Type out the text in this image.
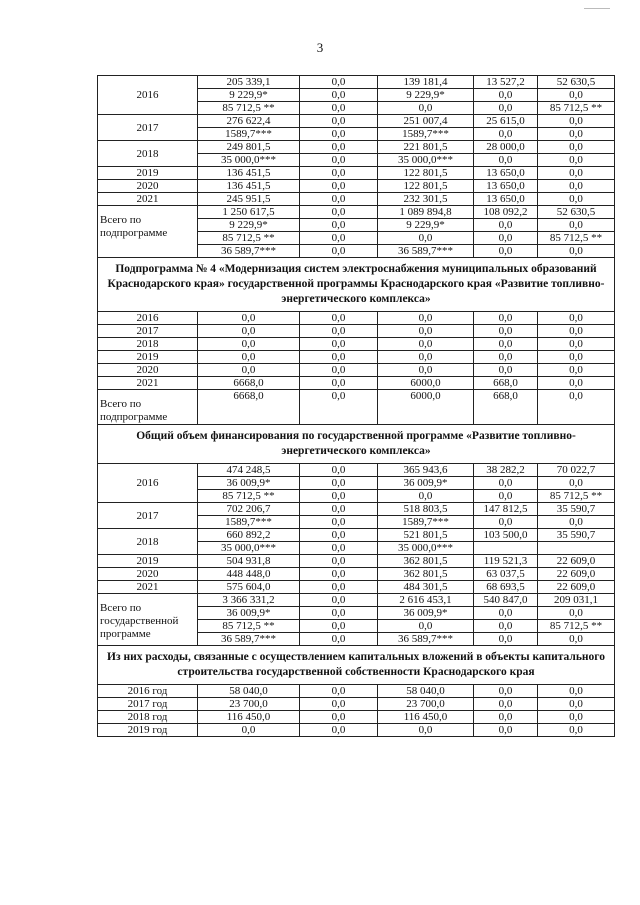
3
2016	205 339,1	0,0	139 181,4	13 527,2	52 630,5
	9 229,9*	0,0	9 229,9*	0,0	0,0
	85 712,5 **	0,0	0,0	0,0	85 712,5 **
2017	276 622,4	0,0	251 007,4	25 615,0	0,0
	1589,7***	0,0	1589,7***	0,0	0,0
2018	249 801,5	0,0	221 801,5	28 000,0	0,0
	35 000,0***	0,0	35 000,0***	0,0	0,0
2019	136 451,5	0,0	122 801,5	13 650,0	0,0
2020	136 451,5	0,0	122 801,5	13 650,0	0,0
2021	245 951,5	0,0	232 301,5	13 650,0	0,0
Всего по подпрограмме	1 250 617,5	0,0	1 089 894,8	108 092,2	52 630,5
	9 229,9*	0,0	9 229,9*	0,0	0,0
	85 712,5 **	0,0	0,0	0,0	85 712,5 **
	36 589,7***	0,0	36 589,7***	0,0	0,0
Подпрограмма № 4 «Модернизация систем электроснабжения муниципальных образований Краснодарского края» государственной программы Краснодарского края «Развитие топливно-энергетического комплекса»					
2016	0,0	0,0	0,0	0,0	0,0
2017	0,0	0,0	0,0	0,0	0,0
2018	0,0	0,0	0,0	0,0	0,0
2019	0,0	0,0	0,0	0,0	0,0
2020	0,0	0,0	0,0	0,0	0,0
2021	6668,0	0,0	6000,0	668,0	0,0
Всего по подпрограмме	6668,0	0,0	6000,0	668,0	0,0
Общий объем финансирования по государственной программе «Развитие топливно-энергетического комплекса»					
2016	474 248,5	0,0	365 943,6	38 282,2	70 022,7
	36 009,9*	0,0	36 009,9*	0,0	0,0
	85 712,5 **	0,0	0,0	0,0	85 712,5 **
2017	702 206,7	0,0	518 803,5	147 812,5	35 590,7
	1589,7***	0,0	1589,7***	0,0	0,0
2018	660 892,2	0,0	521 801,5	103 500,0	35 590,7
	35 000,0***	0,0	35 000,0***		
2019	504 931,8	0,0	362 801,5	119 521,3	22 609,0
2020	448 448,0	0,0	362 801,5	63 037,5	22 609,0
2021	575 604,0	0,0	484 301,5	68 693,5	22 609,0
Всего по государственной программе	3 366 331,2	0,0	2 616 453,1	540 847,0	209 031,1
	36 009,9*	0,0	36 009,9*	0,0	0,0
	85 712,5 **	0,0	0,0	0,0	85 712,5 **
	36 589,7***	0,0	36 589,7***	0,0	0,0
Из них расходы, связанные с осуществлением капитальных вложений в объекты капитального строительства государственной собственности Краснодарского края					
2016 год	58 040,0	0,0	58 040,0	0,0	0,0
2017 год	23 700,0	0,0	23 700,0	0,0	0,0
2018 год	116 450,0	0,0	116 450,0	0,0	0,0
2019 год	0,0	0,0	0,0	0,0	0,0
